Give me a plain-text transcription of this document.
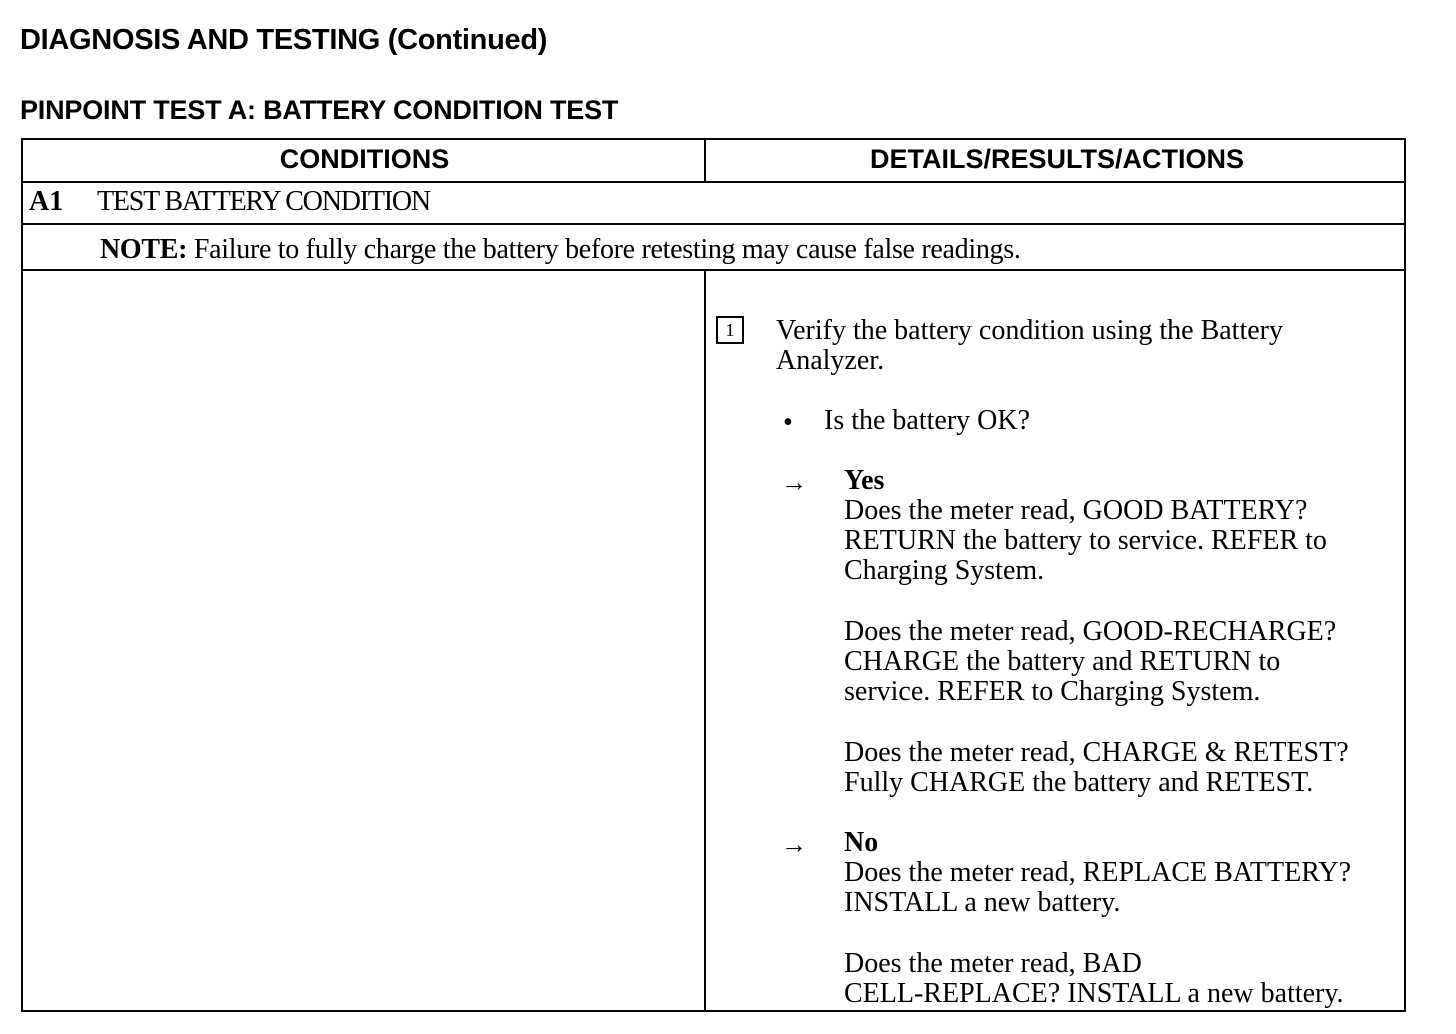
DIAGNOSIS AND TESTING (Continued)
PINPOINT TEST A: BATTERY CONDITION TEST
CONDITIONS	DETAILS/RESULTS/ACTIONS
A1 TEST BATTERY CONDITION
NOTE: Failure to fully charge the battery before retesting may cause false readings.
1	Verify the battery condition using the Battery
Analyzer.
• Is the battery OK?
→ Yes
Does the meter read, GOOD BATTERY?
RETURN the battery to service. REFER to
Charging System.
Does the meter read, GOOD-RECHARGE?
CHARGE the battery and RETURN to
service. REFER to Charging System.
Does the meter read, CHARGE & RETEST?
Fully CHARGE the battery and RETEST.
→ No
Does the meter read, REPLACE BATTERY?
INSTALL a new battery.
Does the meter read, BAD
CELL-REPLACE? INSTALL a new battery.
